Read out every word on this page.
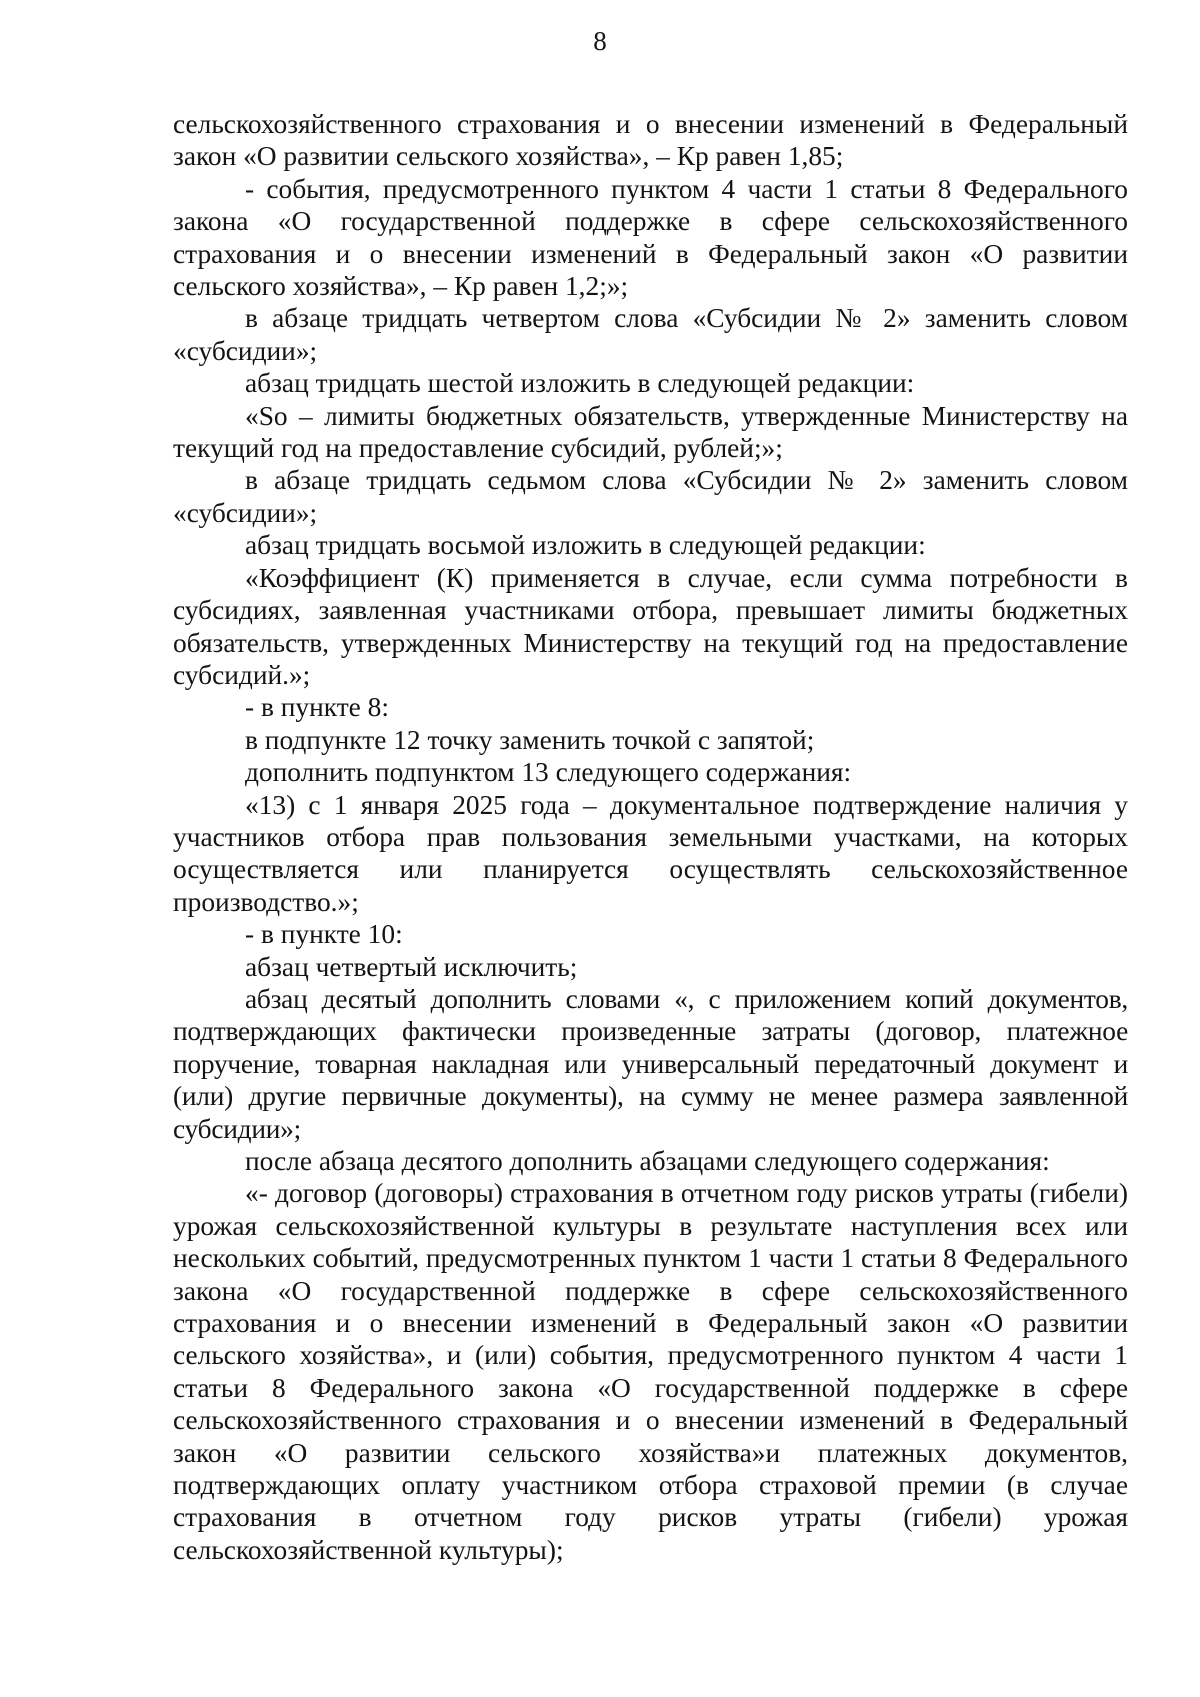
8

сельскохозяйственного страхования и о внесении изменений в Федеральный закон «О развитии сельского хозяйства», – Кр равен 1,85;

- события, предусмотренного пунктом 4 части 1 статьи 8 Федерального закона «О государственной поддержке в сфере сельскохозяйственного страхования и о внесении изменений в Федеральный закон «О развитии сельского хозяйства», – Кр равен 1,2;»;

в абзаце тридцать четвертом слова «Субсидии № 2» заменить словом «субсидии»;

абзац тридцать шестой изложить в следующей редакции:

«So – лимиты бюджетных обязательств, утвержденные Министерству на текущий год на предоставление субсидий, рублей;»;

в абзаце тридцать седьмом слова «Субсидии № 2» заменить словом «субсидии»;

абзац тридцать восьмой изложить в следующей редакции:

«Коэффициент (К) применяется в случае, если сумма потребности в субсидиях, заявленная участниками отбора, превышает лимиты бюджетных обязательств, утвержденных Министерству на текущий год на предоставление субсидий.»;

- в пункте 8:

в подпункте 12 точку заменить точкой с запятой;

дополнить подпунктом 13 следующего содержания:

«13) с 1 января 2025 года – документальное подтверждение наличия у участников отбора прав пользования земельными участками, на которых осуществляется или планируется осуществлять сельскохозяйственное производство.»;

- в пункте 10:

абзац четвертый исключить;

абзац десятый дополнить словами «, с приложением копий документов, подтверждающих фактически произведенные затраты (договор, платежное поручение, товарная накладная или универсальный передаточный документ и (или) другие первичные документы), на сумму не менее размера заявленной субсидии»;

после абзаца десятого дополнить абзацами следующего содержания:

«- договор (договоры) страхования в отчетном году рисков утраты (гибели) урожая сельскохозяйственной культуры в результате наступления всех или нескольких событий, предусмотренных пунктом 1 части 1 статьи 8 Федерального закона «О государственной поддержке в сфере сельскохозяйственного страхования и о внесении изменений в Федеральный закон «О развитии сельского хозяйства», и (или) события, предусмотренного пунктом 4 части 1 статьи 8 Федерального закона «О государственной поддержке в сфере сельскохозяйственного страхования и о внесении изменений в Федеральный закон «О развитии сельского хозяйства»и платежных документов, подтверждающих оплату участником отбора страховой премии (в случае страхования в отчетном году рисков утраты (гибели) урожая сельскохозяйственной культуры);
